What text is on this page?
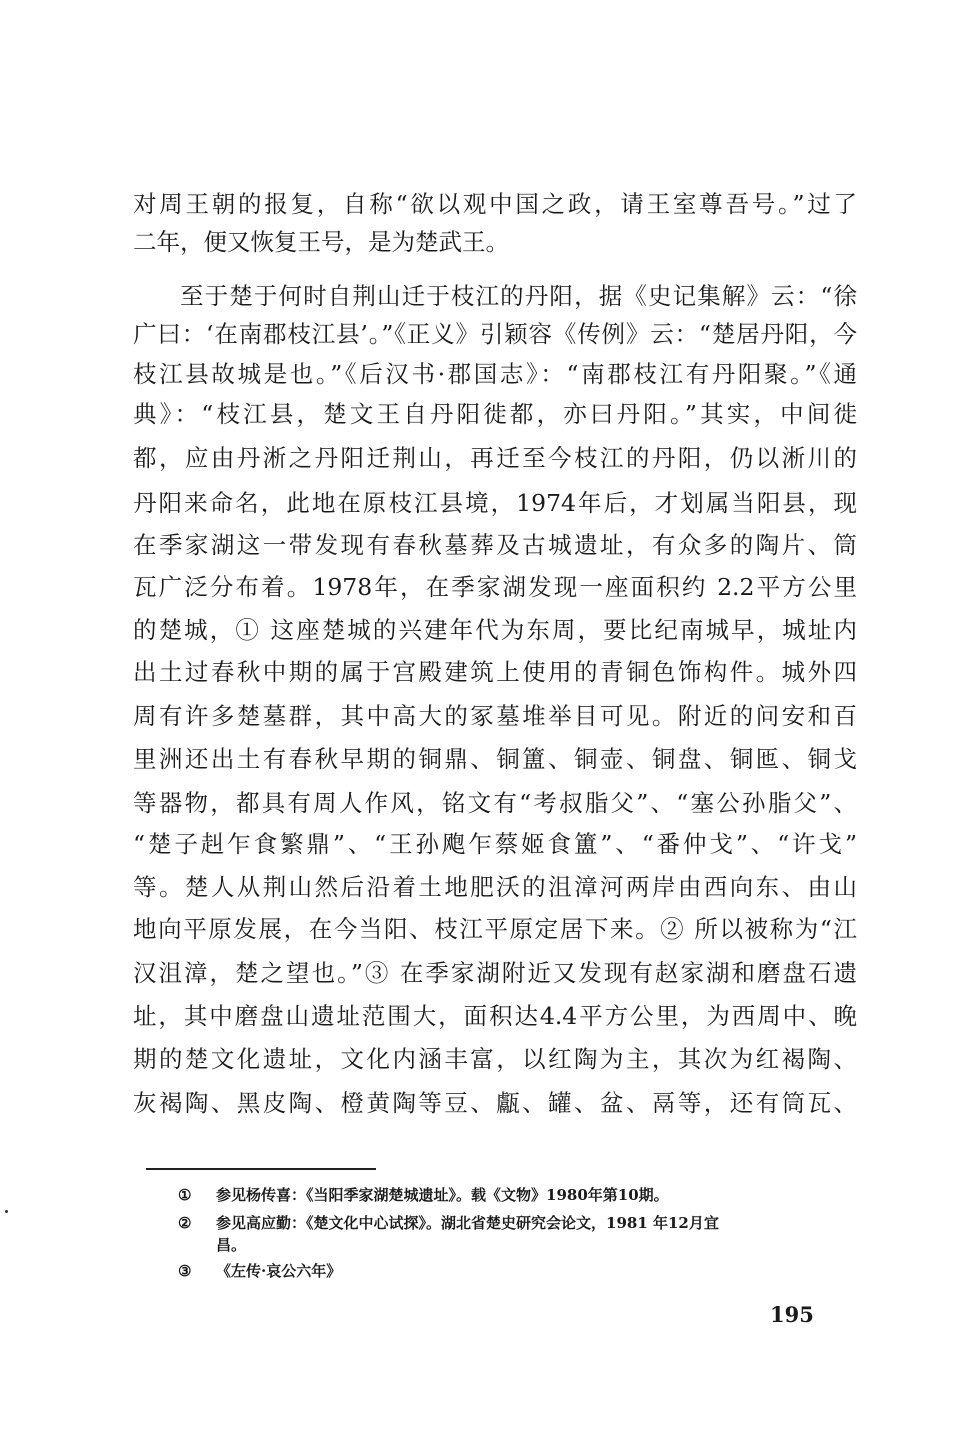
对周王朝的报复，自称“欲以观中国之政，请王室尊吾号。”过了
二年，便又恢复王号，是为楚武王。
至于楚于何时自荆山迁于枝江的丹阳，据《史记集解》云：“徐
广曰：‘在南郡枝江县’。”《正义》引颖容《传例》云：“楚居丹阳，今
枝江县故城是也。”《后汉书·郡国志》：“南郡枝江有丹阳聚。”《通
典》：“枝江县，楚文王自丹阳徙都，亦曰丹阳。”其实，中间徙
都，应由丹淅之丹阳迁荆山，再迁至今枝江的丹阳，仍以淅川的
丹阳来命名，此地在原枝江县境，1974年后，才划属当阳县，现
在季家湖这一带发现有春秋墓葬及古城遗址，有众多的陶片、筒
瓦广泛分布着。1978年，在季家湖发现一座面积约 2.2平方公里
的楚城，① 这座楚城的兴建年代为东周，要比纪南城早，城址内
出土过春秋中期的属于宫殿建筑上使用的青铜色饰构件。城外四
周有许多楚墓群，其中高大的冢墓堆举目可见。附近的问安和百
里洲还出土有春秋早期的铜鼎、铜簠、铜壶、铜盘、铜匜、铜戈
等器物，都具有周人作风，铭文有“考叔脂父”、“塞公孙脂父”、
“楚子赳乍食繁鼎”、“王孙飑乍蔡姬食簠”、“番仲戈”、“许戈”
等。楚人从荆山然后沿着土地肥沃的沮漳河两岸由西向东、由山
地向平原发展，在今当阳、枝江平原定居下来。② 所以被称为“江
汉沮漳，楚之望也。”③ 在季家湖附近又发现有赵家湖和磨盘石遗
址，其中磨盘山遗址范围大，面积达4.4平方公里，为西周中、晚
期的楚文化遗址，文化内涵丰富，以红陶为主，其次为红褐陶、
灰褐陶、黑皮陶、橙黄陶等豆、甗、罐、盆、鬲等，还有筒瓦、
① 参见杨传喜：《当阳季家湖楚城遗址》。载《文物》1980年第10期。
② 参见高应勤：《楚文化中心试探》。湖北省楚史研究会论文，1981 年12月宜
昌。
③ 《左传·哀公六年》
195
